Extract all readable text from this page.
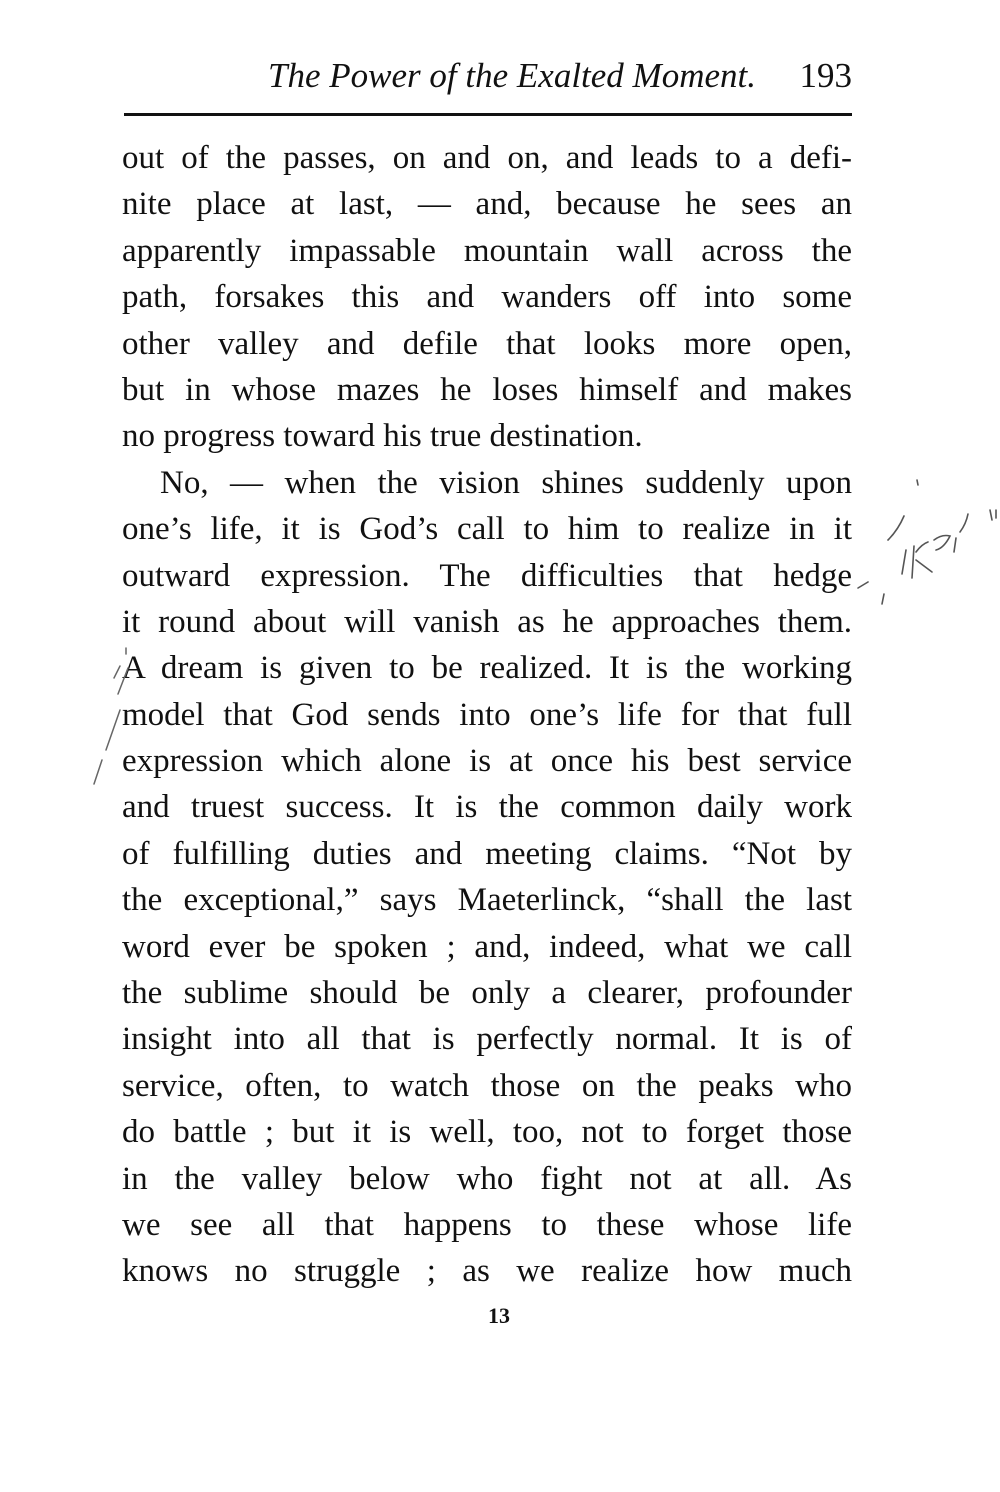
The Power of the Exalted Moment. 193
out of the passes, on and on, and leads to a defi-
nite place at last, — and, because he sees an
apparently impassable mountain wall across the
path, forsakes this and wanders off into some
other valley and defile that looks more open,
but in whose mazes he loses himself and makes
no progress toward his true destination.
No, — when the vision shines suddenly upon
one’s life, it is God’s call to him to realize in it
outward expression. The difficulties that hedge
it round about will vanish as he approaches them.
A dream is given to be realized. It is the working
model that God sends into one’s life for that full
expression which alone is at once his best service
and truest success. It is the common daily work
of fulfilling duties and meeting claims. “Not by
the exceptional,” says Maeterlinck, “shall the last
word ever be spoken ; and, indeed, what we call
the sublime should be only a clearer, profounder
insight into all that is perfectly normal. It is of
service, often, to watch those on the peaks who
do battle ; but it is well, too, not to forget those
in the valley below who fight not at all. As
we see all that happens to these whose life
knows no struggle ; as we realize how much
13
